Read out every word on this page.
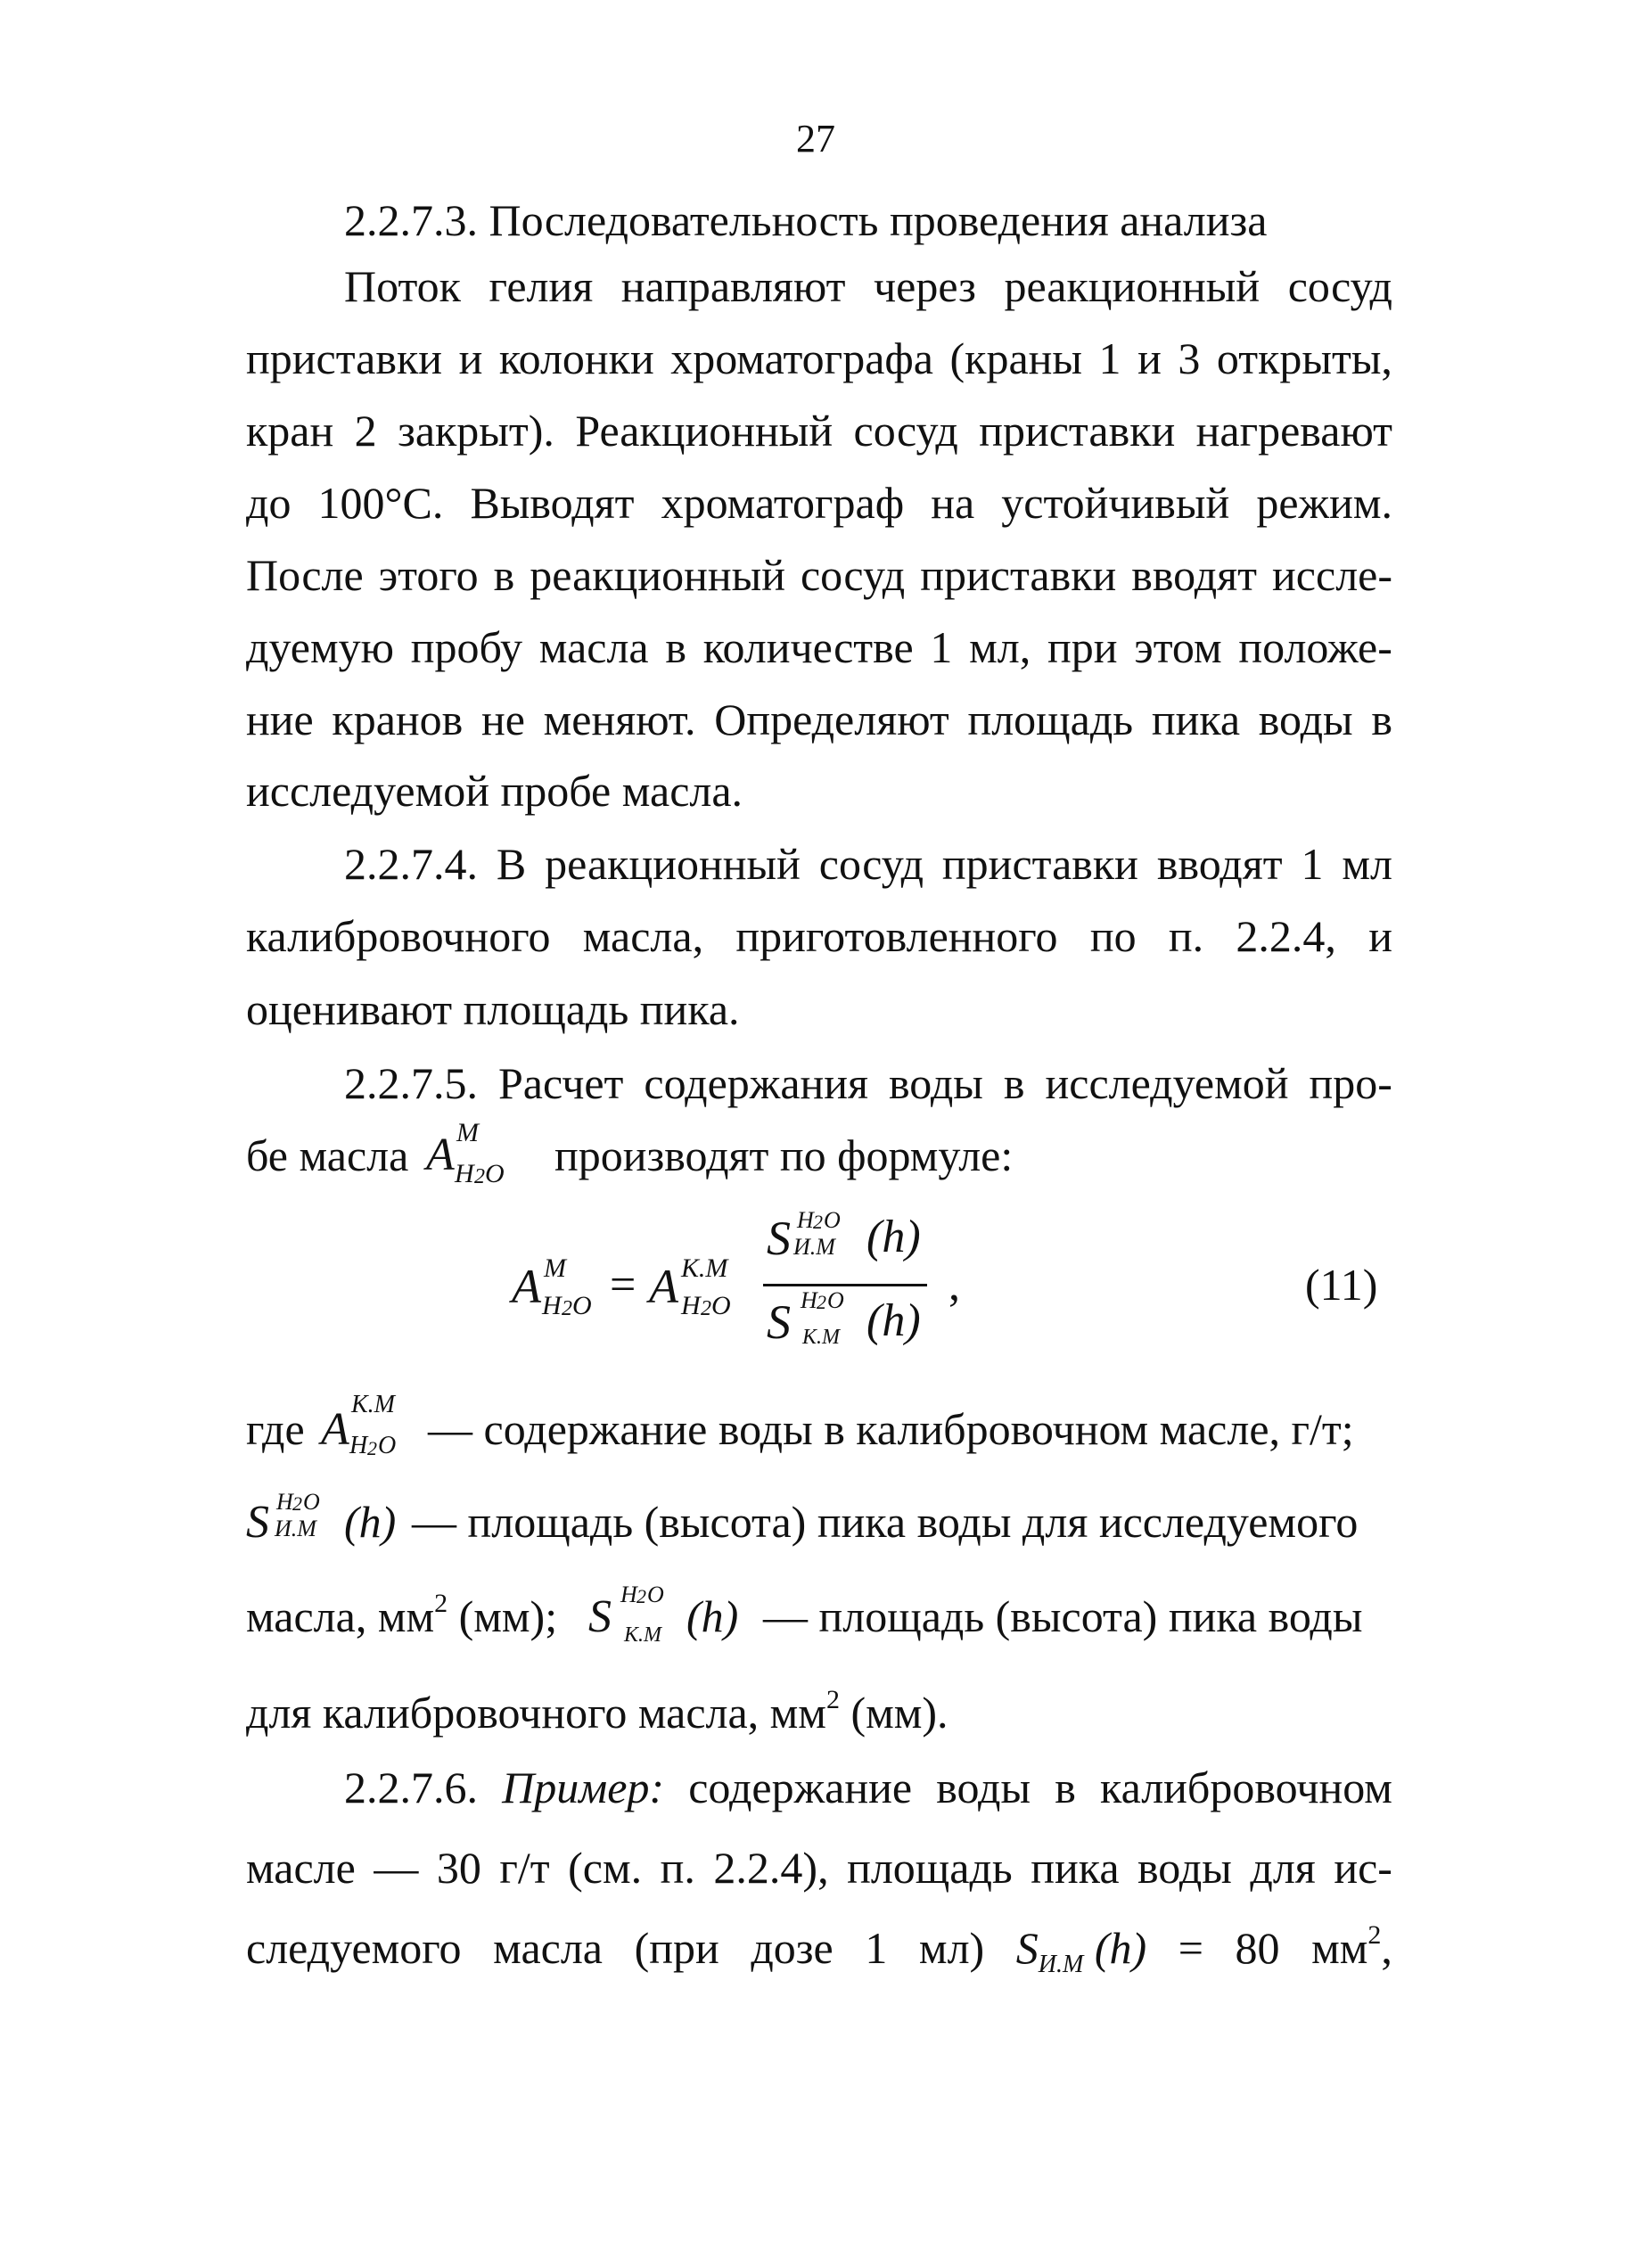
27
2.2.7.3. Последовательность проведения анализа
Поток гелия направляют через реакционный сосуд
приставки и колонки хроматографа (краны 1 и 3 открыты,
кран 2 закрыт). Реакционный сосуд приставки нагревают
до 100°С. Выводят хроматограф на устойчивый режим.
После этого в реакционный сосуд приставки вводят иссле-
дуемую пробу масла в количестве 1 мл, при этом положе-
ние кранов не меняют. Определяют площадь пика воды в
исследуемой пробе масла.
2.2.7.4. В реакционный сосуд приставки вводят 1 мл
калибровочного масла, приготовленного по п. 2.2.4, и
оценивают площадь пика.
2.2.7.5. Расчет содержания воды в исследуемой про-
бе масла A M
H 2 O производят по формуле:
A M
H 2 O = A К.М
H 2 O
S H 2 O
И.М (h)
S H 2 O
К.М (h)
,	(11)
где A К.М
H 2 O — содержание воды в калибровочном масле, г/т;
S H 2 O
И.М (h) — площадь (высота) пика воды для исследуемого
масла, $мм^2$ (мм); S H 2 O
К.М (h) — площадь (высота) пика воды
для калибровочного масла, $мм^2$ (мм).
2.2.7.6. Пример: содержание воды в калибровочном
масле — 30 г/т (см. п. 2.2.4), площадь пика воды для ис-
следуемого масла (при дозе 1 мл) $S_{И.М}$ (h) = 80 $мм^2$,
